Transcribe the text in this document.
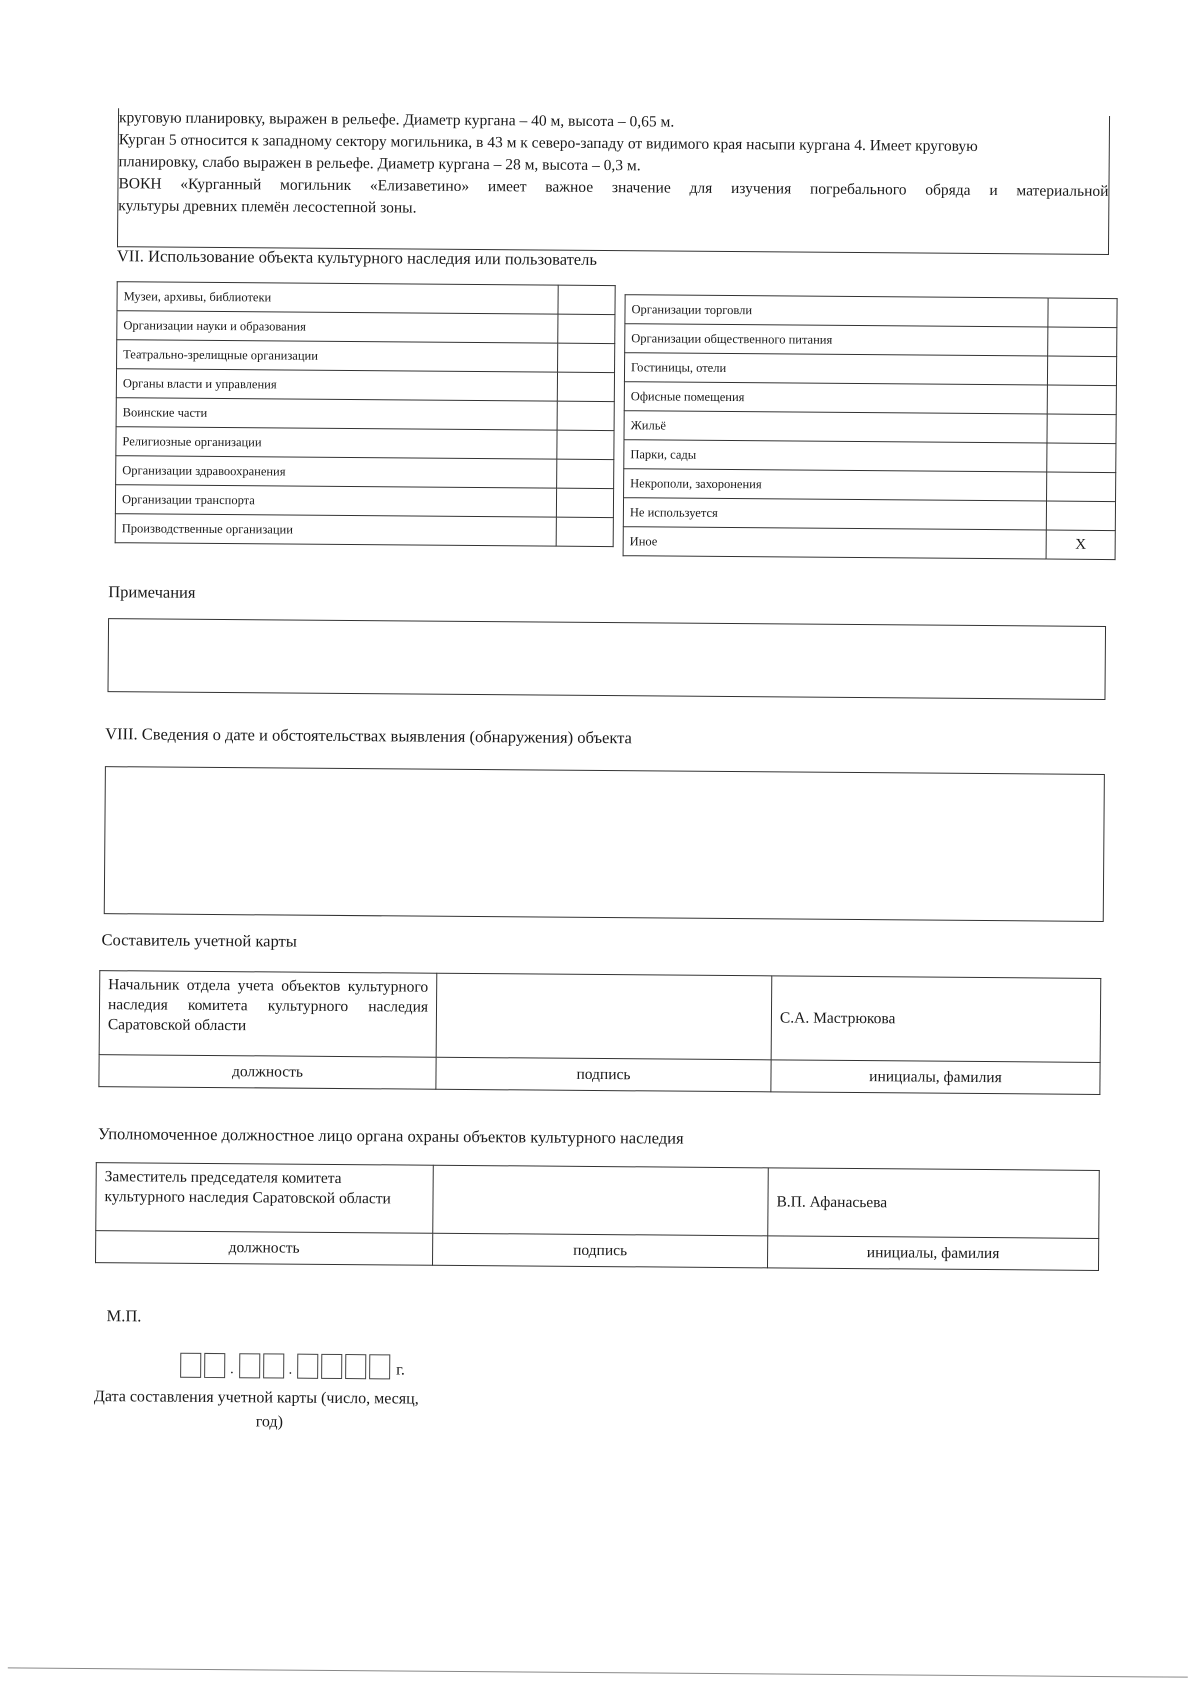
круговую планировку, выражен в рельефе. Диаметр кургана – 40 м, высота – 0,65 м.
Курган 5 относится к западному сектору могильника, в 43 м к северо-западу от видимого края насыпи кургана 4. Имеет круговую
планировку, слабо выражен в рельефе. Диаметр кургана – 28 м, высота – 0,3 м.
ВОКН «Курганный могильник «Елизаветино» имеет важное значение для изучения погребального обряда и материальной
культуры древних племён лесостепной зоны.
VII. Использование объекта культурного наследия или пользователь
Музеи, архивы, библиотеки	
Организации науки и образования	
Театрально-зрелищные организации	
Органы власти и управления	
Воинские части	
Религиозные организации	
Организации здравоохранения	
Организации транспорта	
Производственные организации	
Организации торговли	
Организации общественного питания	
Гостиницы, отели	
Офисные помещения	
Жильё	
Парки, сады	
Некрополи, захоронения	
Не используется	
Иное	X
Примечания
VIII. Сведения о дате и обстоятельствах выявления (обнаружения) объекта
Составитель учетной карты
Начальник отдела учета объектов культурного наследия комитета культурного наследия Саратовской области		С.А. Мастрюкова
должность	подпись	инициалы, фамилия
Уполномоченное должностное лицо органа охраны объектов культурного наследия
Заместитель председателя комитета культурного наследия Саратовской области		В.П. Афанасьева
должность	подпись	инициалы, фамилия
М.П.
.	.	г.
Дата составления учетной карты (число, месяц,
год)
